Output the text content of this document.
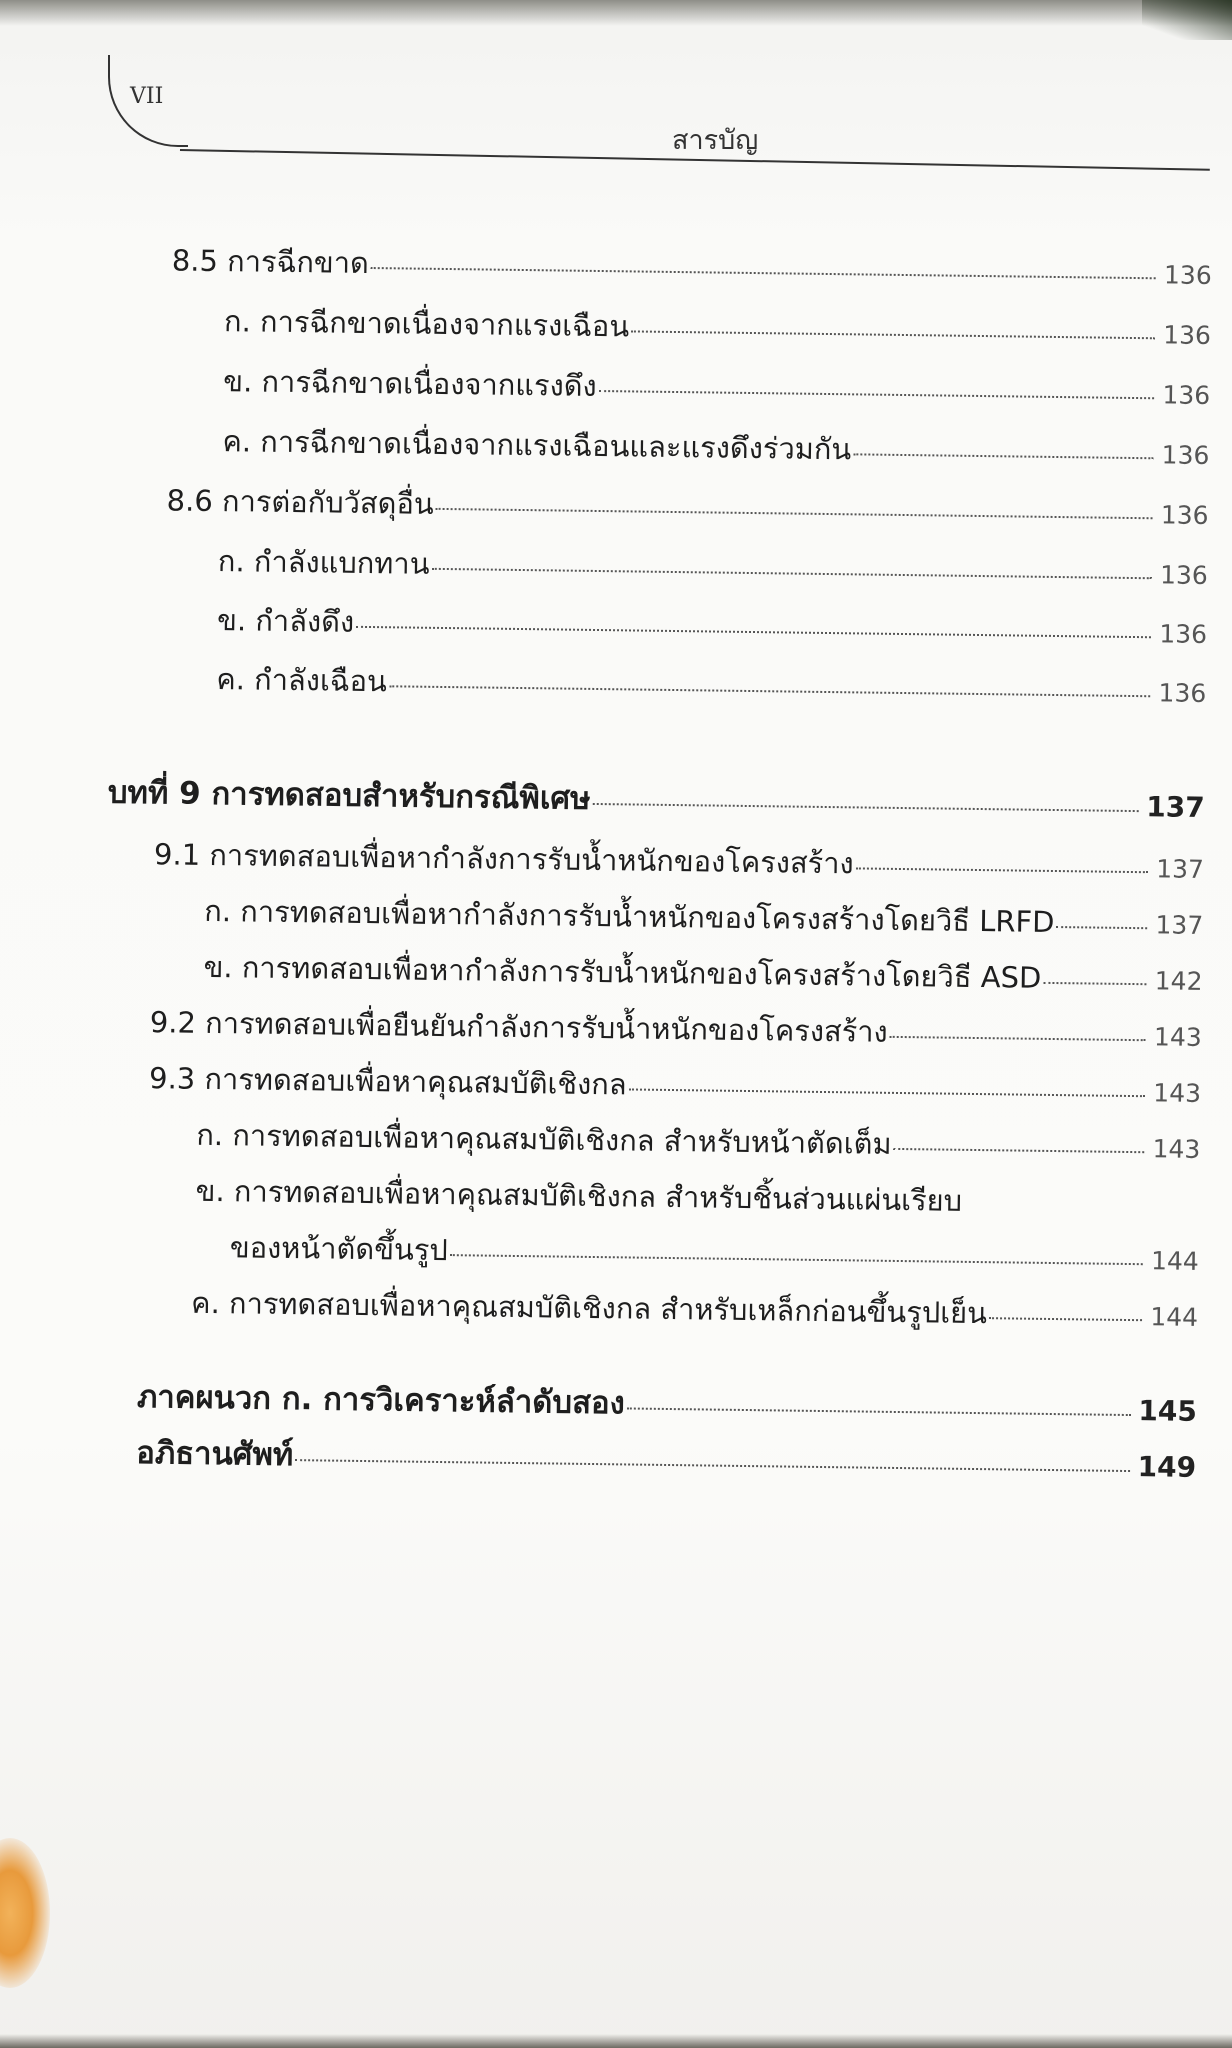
VII
สารบัญ
8.5 การฉีกขาด	136
ก. การฉีกขาดเนื่องจากแรงเฉือน	136
ข. การฉีกขาดเนื่องจากแรงดึง	136
ค. การฉีกขาดเนื่องจากแรงเฉือนและแรงดึงร่วมกัน	136
8.6 การต่อกับวัสดุอื่น	136
ก. กำลังแบกทาน	136
ข. กำลังดึง	136
ค. กำลังเฉือน	136
บทที่ 9 การทดสอบสำหรับกรณีพิเศษ	137
9.1 การทดสอบเพื่อหากำลังการรับน้ำหนักของโครงสร้าง	137
ก. การทดสอบเพื่อหากำลังการรับน้ำหนักของโครงสร้างโดยวิธี LRFD	137
ข. การทดสอบเพื่อหากำลังการรับน้ำหนักของโครงสร้างโดยวิธี ASD	142
9.2 การทดสอบเพื่อยืนยันกำลังการรับน้ำหนักของโครงสร้าง	143
9.3 การทดสอบเพื่อหาคุณสมบัติเชิงกล	143
ก. การทดสอบเพื่อหาคุณสมบัติเชิงกล สำหรับหน้าตัดเต็ม	143
ข. การทดสอบเพื่อหาคุณสมบัติเชิงกล สำหรับชิ้นส่วนแผ่นเรียบ
ของหน้าตัดขึ้นรูป	144
ค. การทดสอบเพื่อหาคุณสมบัติเชิงกล สำหรับเหล็กก่อนขึ้นรูปเย็น	144
ภาคผนวก ก. การวิเคราะห์ลำดับสอง	145
อภิธานศัพท์	149
